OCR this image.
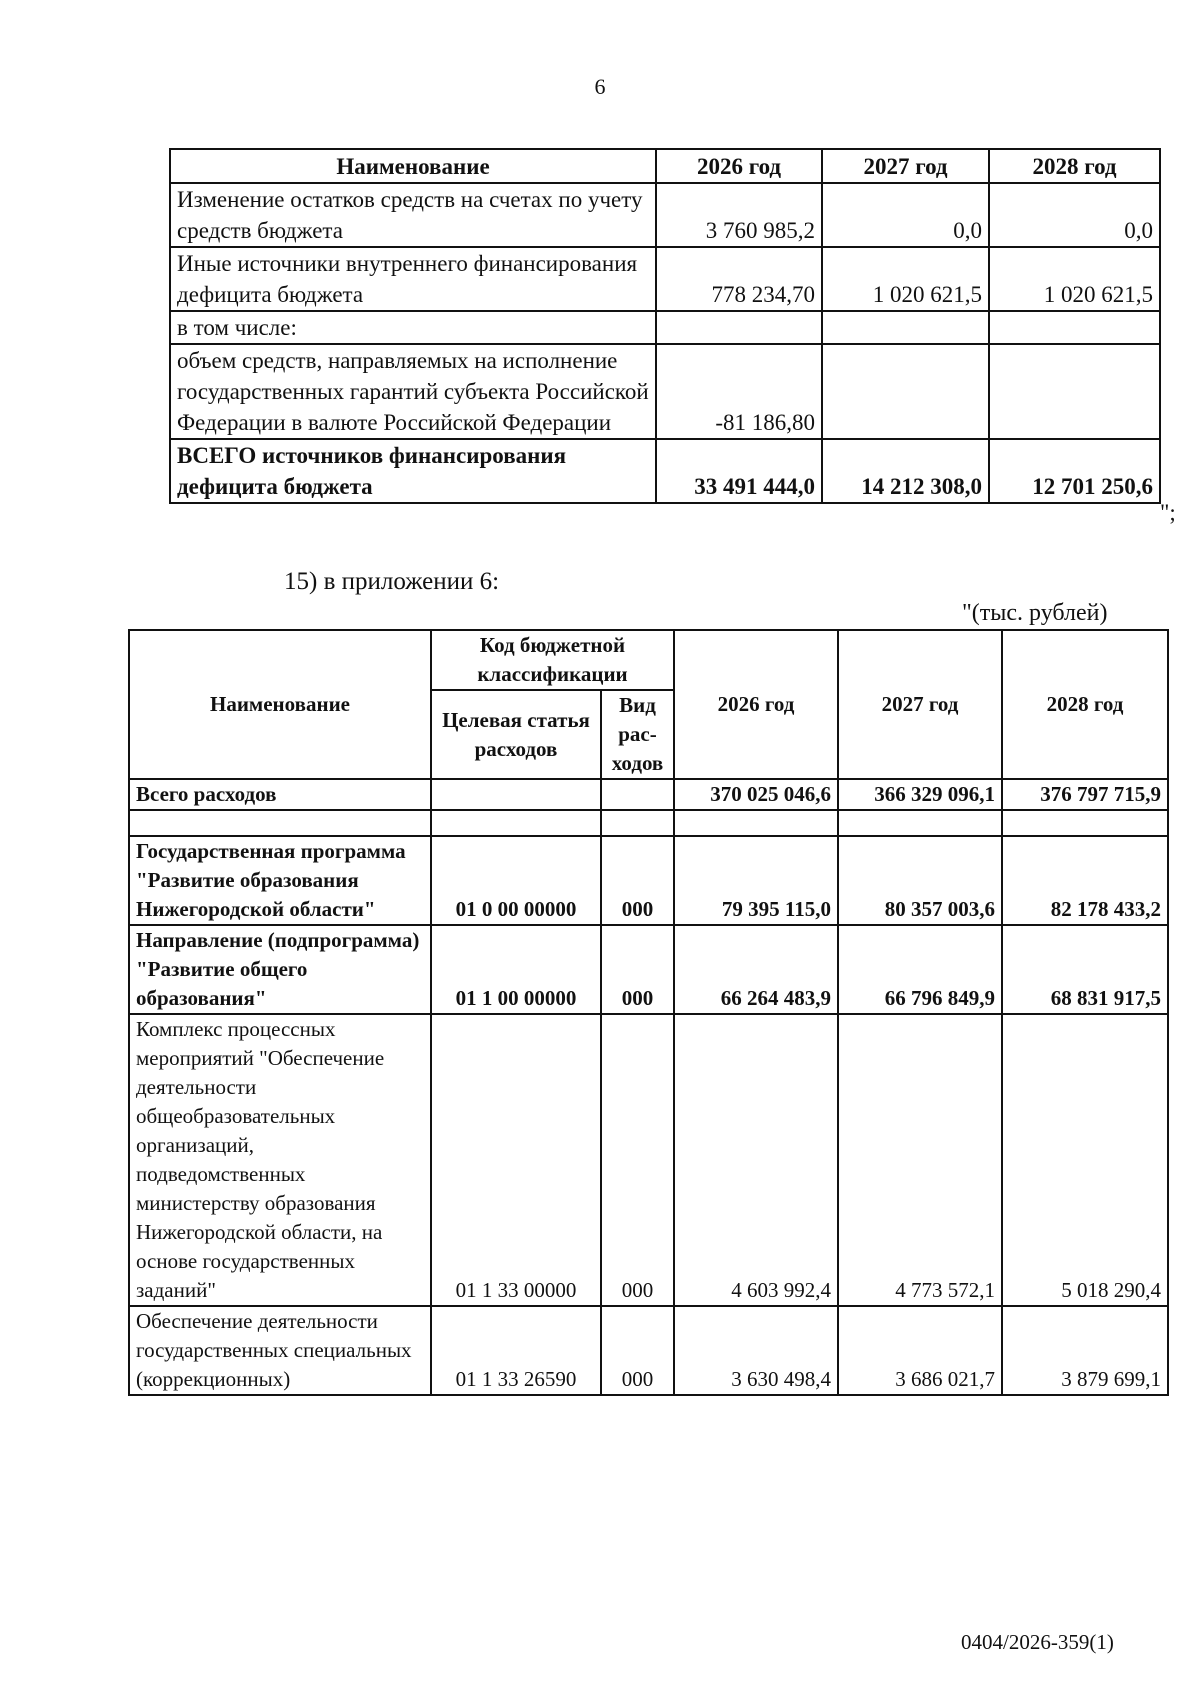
6
Наименование	2026 год	2027 год	2028 год
Изменение остатков средств на счетах по учету средств бюджета	3 760 985,2	0,0	0,0
Иные источники внутреннего финансирования дефицита бюджета	778 234,70	1 020 621,5	1 020 621,5
в том числе:			
объем средств, направляемых на исполнение государственных гарантий субъекта Российской Федерации в валюте Российской Федерации	-81 186,80		
ВСЕГО источников финансирования дефицита бюджета	33 491 444,0	14 212 308,0	12 701 250,6
";
15) в приложении 6:
"(тыс. рублей)
Наименование	Код бюджетной классификации		2026 год	2027 год	2028 год
	Целевая статья расходов	Вид рас-ходов			
Всего расходов			370 025 046,6	366 329 096,1	376 797 715,9

Государственная программа "Развитие образования Нижегородской области"	01 0 00 00000	000	79 395 115,0	80 357 003,6	82 178 433,2
Направление (подпрограмма) "Развитие общего образования"	01 1 00 00000	000	66 264 483,9	66 796 849,9	68 831 917,5
Комплекс процессных мероприятий "Обеспечение деятельности общеобразовательных организаций, подведомственных министерству образования Нижегородской области, на основе государственных заданий"	01 1 33 00000	000	4 603 992,4	4 773 572,1	5 018 290,4
Обеспечение деятельности государственных специальных (коррекционных)	01 1 33 26590	000	3 630 498,4	3 686 021,7	3 879 699,1
0404/2026-359(1)
